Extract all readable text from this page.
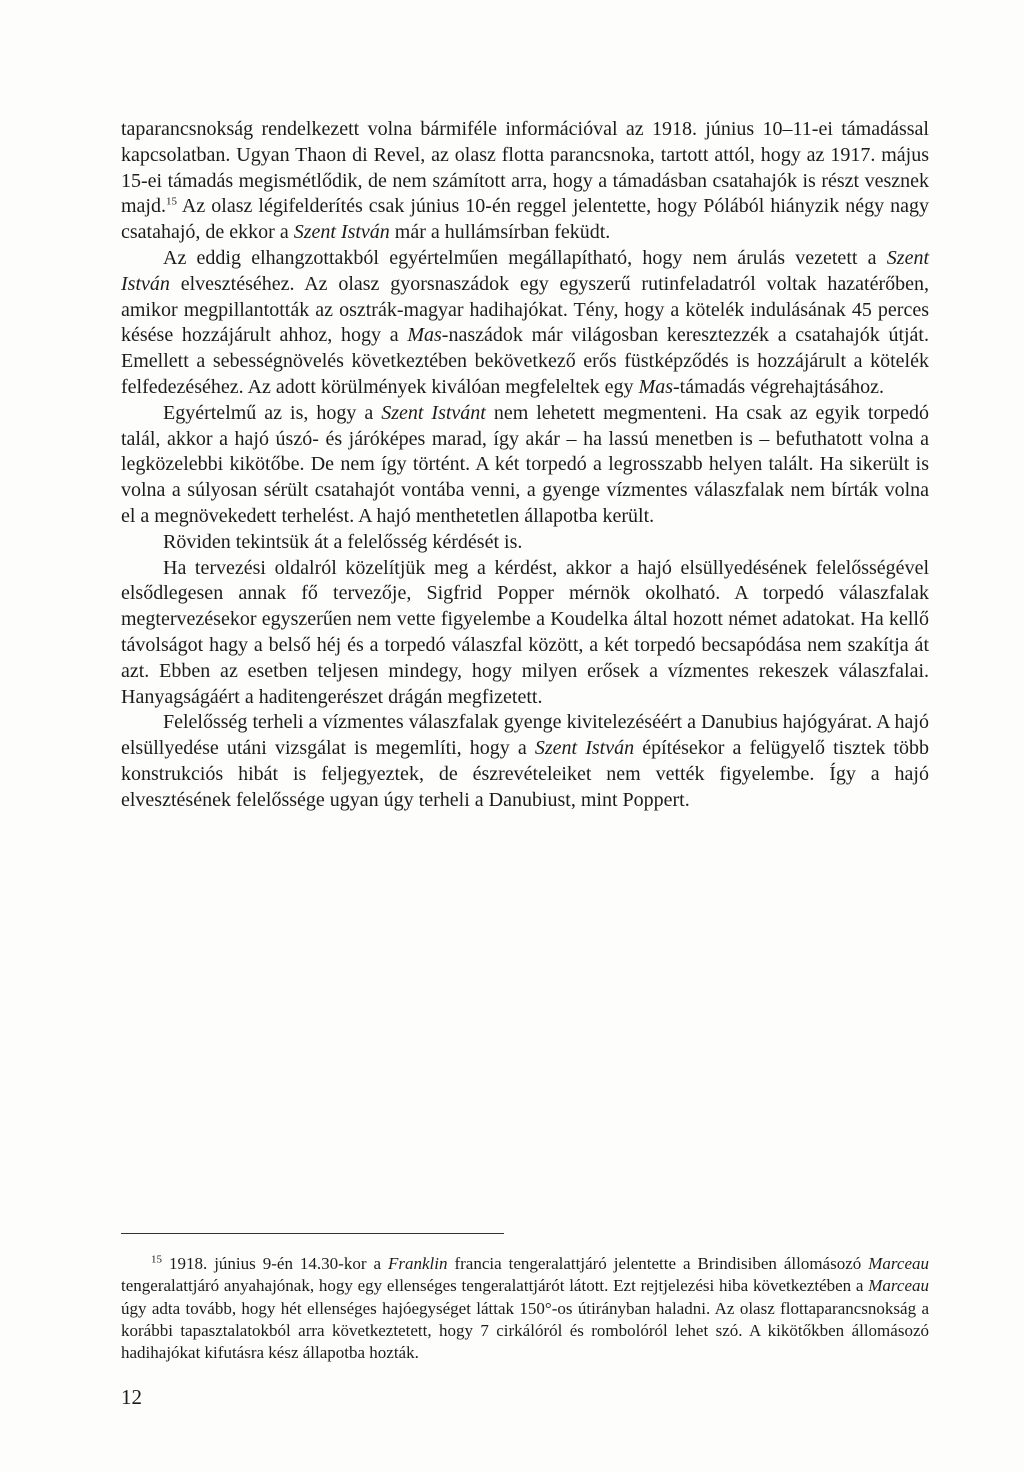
taparancsnokság rendelkezett volna bármiféle információval az 1918. június 10–11-ei támadással kapcsolatban. Ugyan Thaon di Revel, az olasz flotta parancsnoka, tartott attól, hogy az 1917. május 15-ei támadás megismétlődik, de nem számított arra, hogy a támadásban csatahajók is részt vesznek majd.$^{15}$ Az olasz légifelderítés csak június 10-én reggel jelentette, hogy Pólából hiányzik négy nagy csatahajó, de ekkor a Szent István már a hullámsírban feküdt.

Az eddig elhangzottakból egyértelműen megállapítható, hogy nem árulás vezetett a Szent István elvesztéséhez. Az olasz gyorsnaszádok egy egyszerű rutinfeladatról voltak hazatérőben, amikor megpillantották az osztrák-magyar hadihajókat. Tény, hogy a kötelék indulásának 45 perces késése hozzájárult ahhoz, hogy a Mas-naszádok már világosban keresztezzék a csatahajók útját. Emellett a sebességnövelés következtében bekövetkező erős füstképződés is hozzájárult a kötelék felfedezéséhez. Az adott körülmények kiválóan megfeleltek egy Mas-támadás végrehajtásához.

Egyértelmű az is, hogy a Szent Istvánt nem lehetett megmenteni. Ha csak az egyik torpedó talál, akkor a hajó úszó- és járóképes marad, így akár – ha lassú menetben is – befuthatott volna a legközelebbi kikötőbe. De nem így történt. A két torpedó a legrosszabb helyen talált. Ha sikerült is volna a súlyosan sérült csatahajót vontába venni, a gyenge vízmentes válaszfalak nem bírták volna el a megnövekedett terhelést. A hajó menthetetlen állapotba került.

Röviden tekintsük át a felelősség kérdését is.

Ha tervezési oldalról közelítjük meg a kérdést, akkor a hajó elsüllyedésének felelősségével elsődlegesen annak fő tervezője, Sigfrid Popper mérnök okolható. A torpedó válaszfalak megtervezésekor egyszerűen nem vette figyelembe a Koudelka által hozott német adatokat. Ha kellő távolságot hagy a belső héj és a torpedó válaszfal között, a két torpedó becsapódása nem szakítja át azt. Ebben az esetben teljesen mindegy, hogy milyen erősek a vízmentes rekeszek válaszfalai. Hanyagságáért a haditengerészet drágán megfizetett.

Felelősség terheli a vízmentes válaszfalak gyenge kivitelezéséért a Danubius hajógyárat. A hajó elsüllyedése utáni vizsgálat is megemlíti, hogy a Szent István építésekor a felügyelő tisztek több konstrukciós hibát is feljegyeztek, de észrevételeiket nem vették figyelembe. Így a hajó elvesztésének felelőssége ugyan úgy terheli a Danubiust, mint Poppert.

$^{15}$ 1918. június 9-én 14.30-kor a Franklin francia tengeralattjáró jelentette a Brindisiben állomásozó Marceau tengeralattjáró anyahajónak, hogy egy ellenséges tengeralattjárót látott. Ezt rejtjelezési hiba következtében a Marceau úgy adta tovább, hogy hét ellenséges hajóegységet láttak 150°-os útirányban haladni. Az olasz flottaparancsnokság a korábbi tapasztalatokból arra következtetett, hogy 7 cirkálóról és rombolóról lehet szó. A kikötőkben állomásozó hadihajókat kifutásra kész állapotba hozták.
12
